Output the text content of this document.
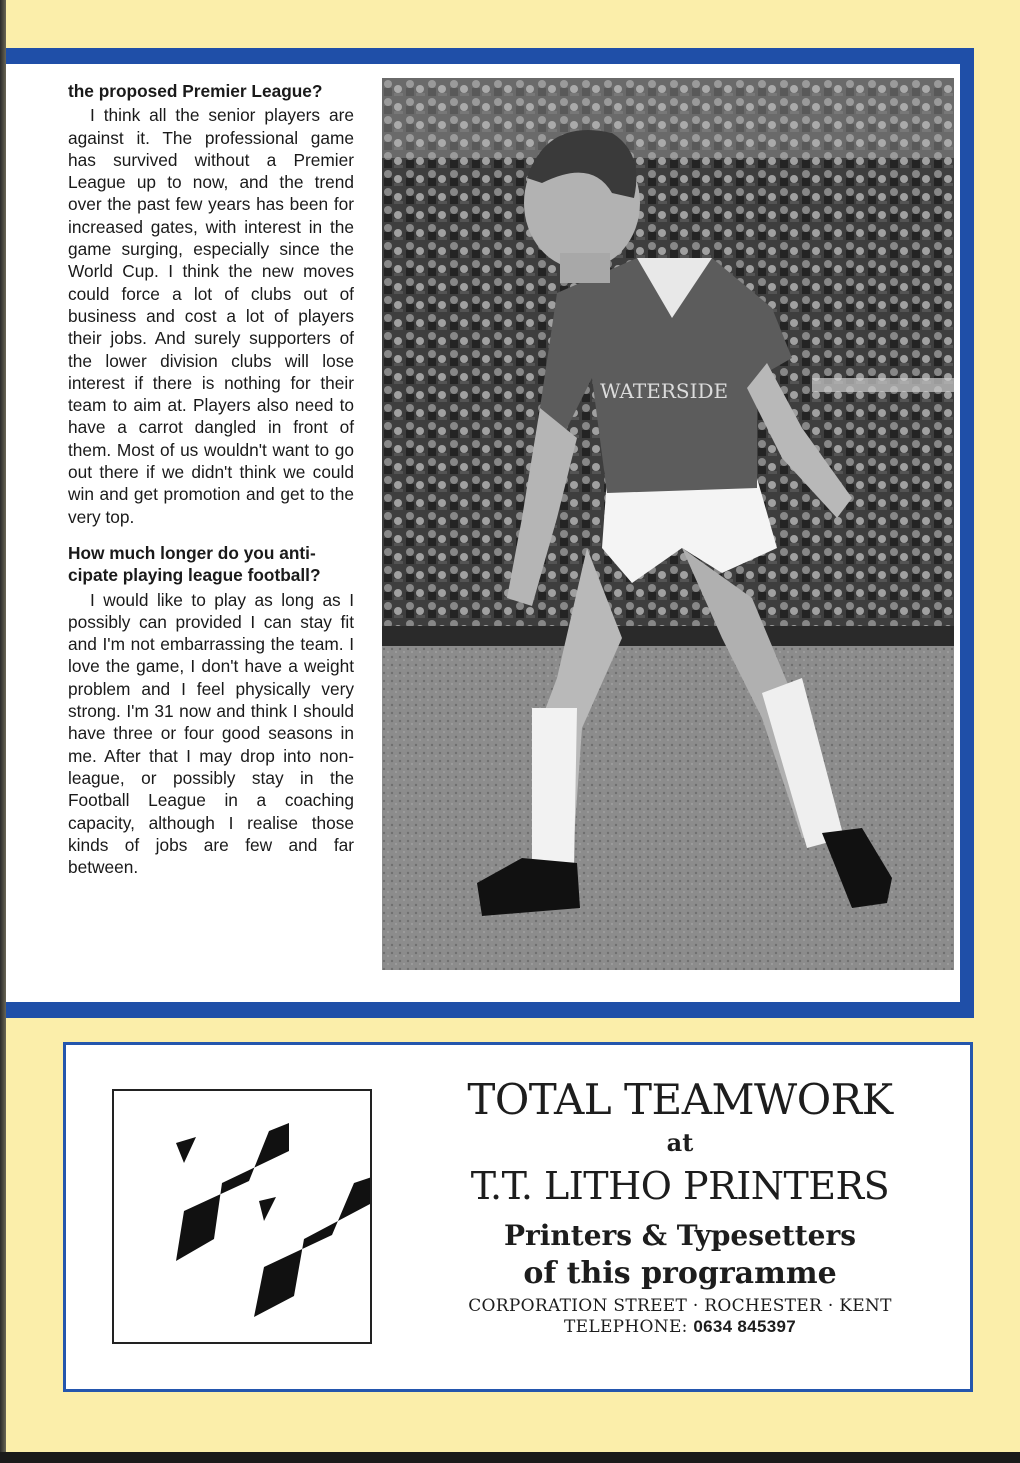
the proposed Premier League?

I think all the senior players are against it. The professional game has survived without a Premier League up to now, and the trend over the past few years has been for increased gates, with interest in the game surging, especially since the World Cup. I think the new moves could force a lot of clubs out of business and cost a lot of players their jobs. And surely supporters of the lower division clubs will lose interest if there is nothing for their team to aim at. Players also need to have a carrot dangled in front of them. Most of us wouldn't want to go out there if we didn't think we could win and get promotion and get to the very top.

How much longer do you anticipate playing league football?

I would like to play as long as I possibly can provided I can stay fit and I'm not embarrassing the team. I love the game, I don't have a weight problem and I feel physically very strong. I'm 31 now and think I should have three or four good seasons in me. After that I may drop into non-league, or possibly stay in the Football League in a coaching capacity, although I realise those kinds of jobs are few and far between.

WATERSIDE
TOTAL TEAMWORK
at
T.T. LITHO PRINTERS
Printers & Typesetters
of this programme
CORPORATION STREET · ROCHESTER · KENT
TELEPHONE: 0634 845397
